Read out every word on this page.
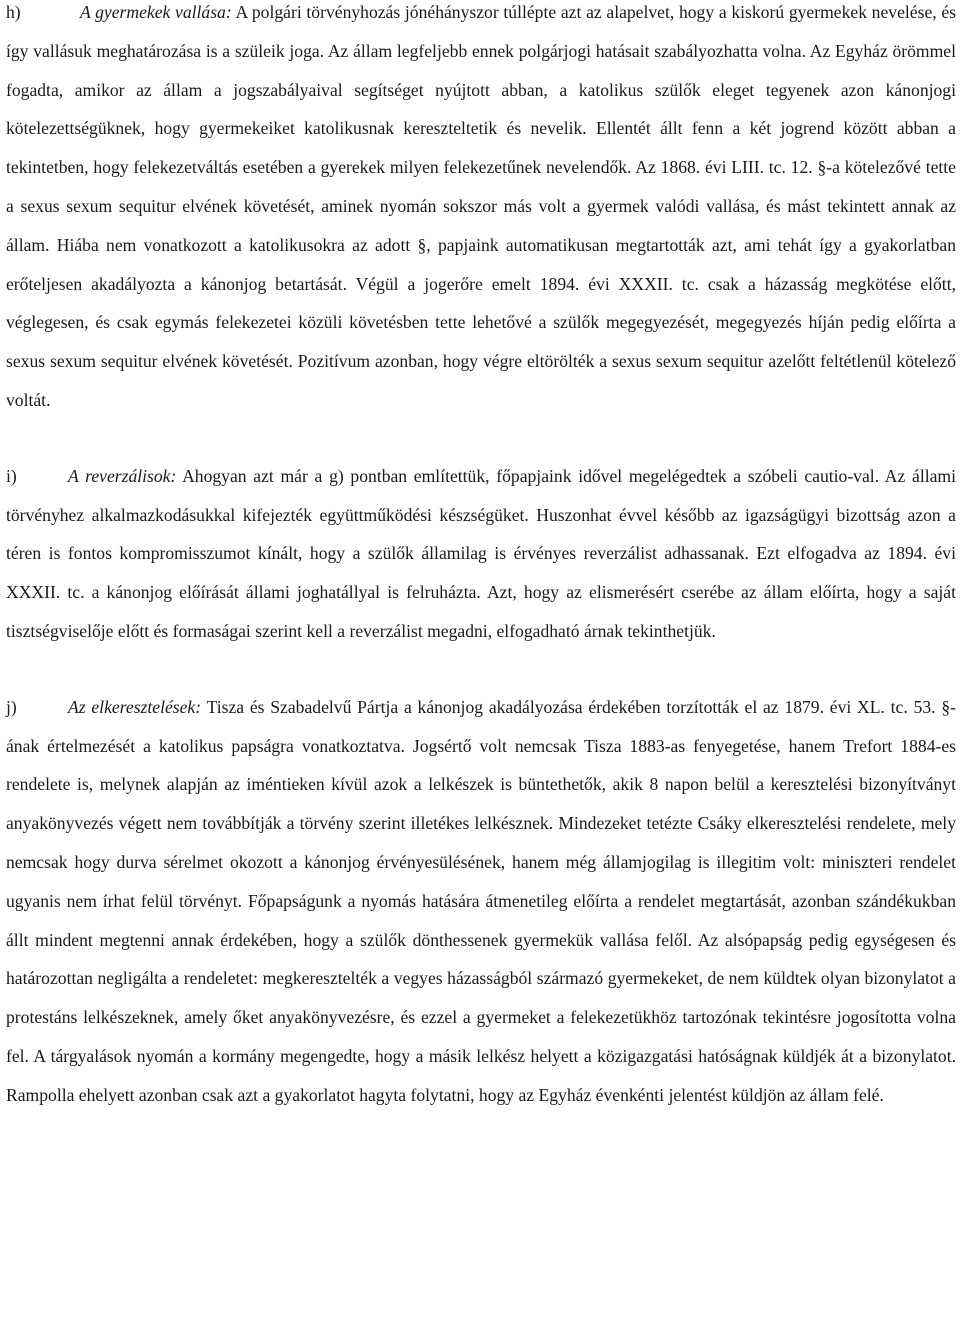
h)	A gyermekek vallása: A polgári törvényhozás jónéhányszor túllépte azt az alapelvet, hogy a kiskorú gyermekek nevelése, és így vallásuk meghatározása is a szüleik joga. Az állam legfeljebb ennek polgárjogi hatásait szabályozhatta volna. Az Egyház örömmel fogadta, amikor az állam a jogszabályaival segítséget nyújtott abban, a katolikus szülők eleget tegyenek azon kánonjogi kötelezettségüknek, hogy gyermekeiket katolikusnak kereszteltetik és nevelik. Ellentét állt fenn a két jogrend között abban a tekintetben, hogy felekezetváltás esetében a gyerekek milyen felekezetűnek nevelendők. Az 1868. évi LIII. tc. 12. §-a kötelezővé tette a sexus sexum sequitur elvének követését, aminek nyomán sokszor más volt a gyermek valódi vallása, és mást tekintett annak az állam. Hiába nem vonatkozott a katolikusokra az adott §, papjaink automatikusan megtartották azt, ami tehát így a gyakorlatban erőteljesen akadályozta a kánonjog betartását. Végül a jogerőre emelt 1894. évi XXXII. tc. csak a házasság megkötése előtt, véglegesen, és csak egymás felekezetei közüli követésben tette lehetővé a szülők megegyezését, megegyezés híján pedig előírta a sexus sexum sequitur elvének követését. Pozitívum azonban, hogy végre eltörölték a sexus sexum sequitur azelőtt feltétlenül kötelező voltát.

i)	A reverzálisok: Ahogyan azt már a g) pontban említettük, főpapjaink idővel megelégedtek a szóbeli cautio-val. Az állami törvényhez alkalmazkodásukkal kifejezték együttműködési készségüket. Huszonhat évvel később az igazságügyi bizottság azon a téren is fontos kompromisszumot kínált, hogy a szülők államilag is érvényes reverzálist adhassanak. Ezt elfogadva az 1894. évi XXXII. tc. a kánonjog előírását állami joghatállyal is felruházta. Azt, hogy az elismerésért cserébe az állam előírta, hogy a saját tisztségviselője előtt és formaságai szerint kell a reverzálist megadni, elfogadható árnak tekinthetjük.

j)	Az elkeresztelések: Tisza és Szabadelvű Pártja a kánonjog akadályozása érdekében torzították el az 1879. évi XL. tc. 53. §-ának értelmezését a katolikus papságra vonatkoztatva. Jogsértő volt nemcsak Tisza 1883-as fenyegetése, hanem Trefort 1884-es rendelete is, melynek alapján az iméntieken kívül azok a lelkészek is büntethetők, akik 8 napon belül a keresztelési bizonyítványt anyakönyvezés végett nem továbbítják a törvény szerint illetékes lelkésznek. Mindezeket tetézte Csáky elkeresztelési rendelete, mely nemcsak hogy durva sérelmet okozott a kánonjog érvényesülésének, hanem még államjogilag is illegitim volt: miniszteri rendelet ugyanis nem írhat felül törvényt. Főpapságunk a nyomás hatására átmenetileg előírta a rendelet megtartását, azonban szándékukban állt mindent megtenni annak érdekében, hogy a szülők dönthessenek gyermekük vallása felől. Az alsópapság pedig egységesen és határozottan negligálta a rendeletet: megkeresztelték a vegyes házasságból származó gyermekeket, de nem küldtek olyan bizonylatot a protestáns lelkészeknek, amely őket anyakönyvezésre, és ezzel a gyermeket a felekezetükhöz tartozónak tekintésre jogosította volna fel. A tárgyalások nyomán a kormány megengedte, hogy a másik lelkész helyett a közigazgatási hatóságnak küldjék át a bizonylatot. Rampolla ehelyett azonban csak azt a gyakorlatot hagyta folytatni, hogy az Egyház évenkénti jelentést küldjön az állam felé.
